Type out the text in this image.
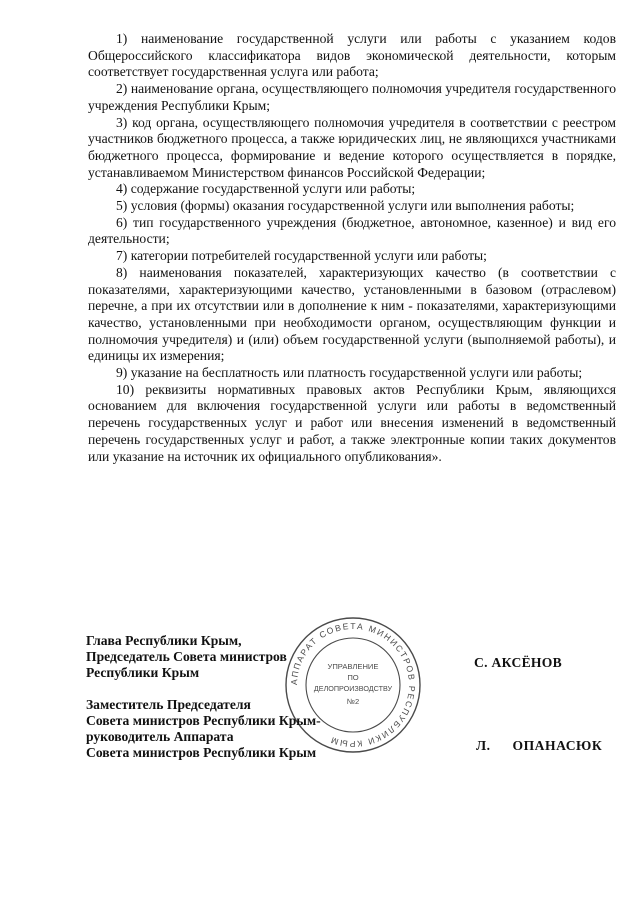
1) наименование государственной услуги или работы с указанием кодов Общероссийского классификатора видов экономической деятельности, которым соответствует государственная услуга или работа;

2) наименование органа, осуществляющего полномочия учредителя государственного учреждения Республики Крым;

3) код органа, осуществляющего полномочия учредителя в соответствии с реестром участников бюджетного процесса, а также юридических лиц, не являющихся участниками бюджетного процесса, формирование и ведение которого осуществляется в порядке, устанавливаемом Министерством финансов Российской Федерации;

4) содержание государственной услуги или работы;

5) условия (формы) оказания государственной услуги или выполнения работы;

6) тип государственного учреждения (бюджетное, автономное, казенное) и вид его деятельности;

7) категории потребителей государственной услуги или работы;

8) наименования показателей, характеризующих качество (в соответствии с показателями, характеризующими качество, установленными в базовом (отраслевом) перечне, а при их отсутствии или в дополнение к ним - показателями, характеризующими качество, установленными при необходимости органом, осуществляющим функции и полномочия учредителя) и (или) объем государственной услуги (выполняемой работы), и единицы их измерения;

9) указание на бесплатность или платность государственной услуги или работы;

10) реквизиты нормативных правовых актов Республики Крым, являющихся основанием для включения государственной услуги или работы в ведомственный перечень государственных услуг и работ или внесения изменений в ведомственный перечень государственных услуг и работ, а также электронные копии таких документов или указание на источник их официального опубликования».

АППАРАТ СОВЕТА МИНИСТРОВ РЕСПУБЛИКИ КРЫМ
УПРАВЛЕНИЕ
ПО
ДЕЛОПРОИЗВОДСТВУ
№2
Глава Республики Крым,
Председатель Совета министров
Республики Крым
С. АКСЁНОВ
Заместитель Председателя
Совета министров Республики Крым-
руководитель Аппарата
Совета министров Республики Крым	Л. ОПАНАСЮК
